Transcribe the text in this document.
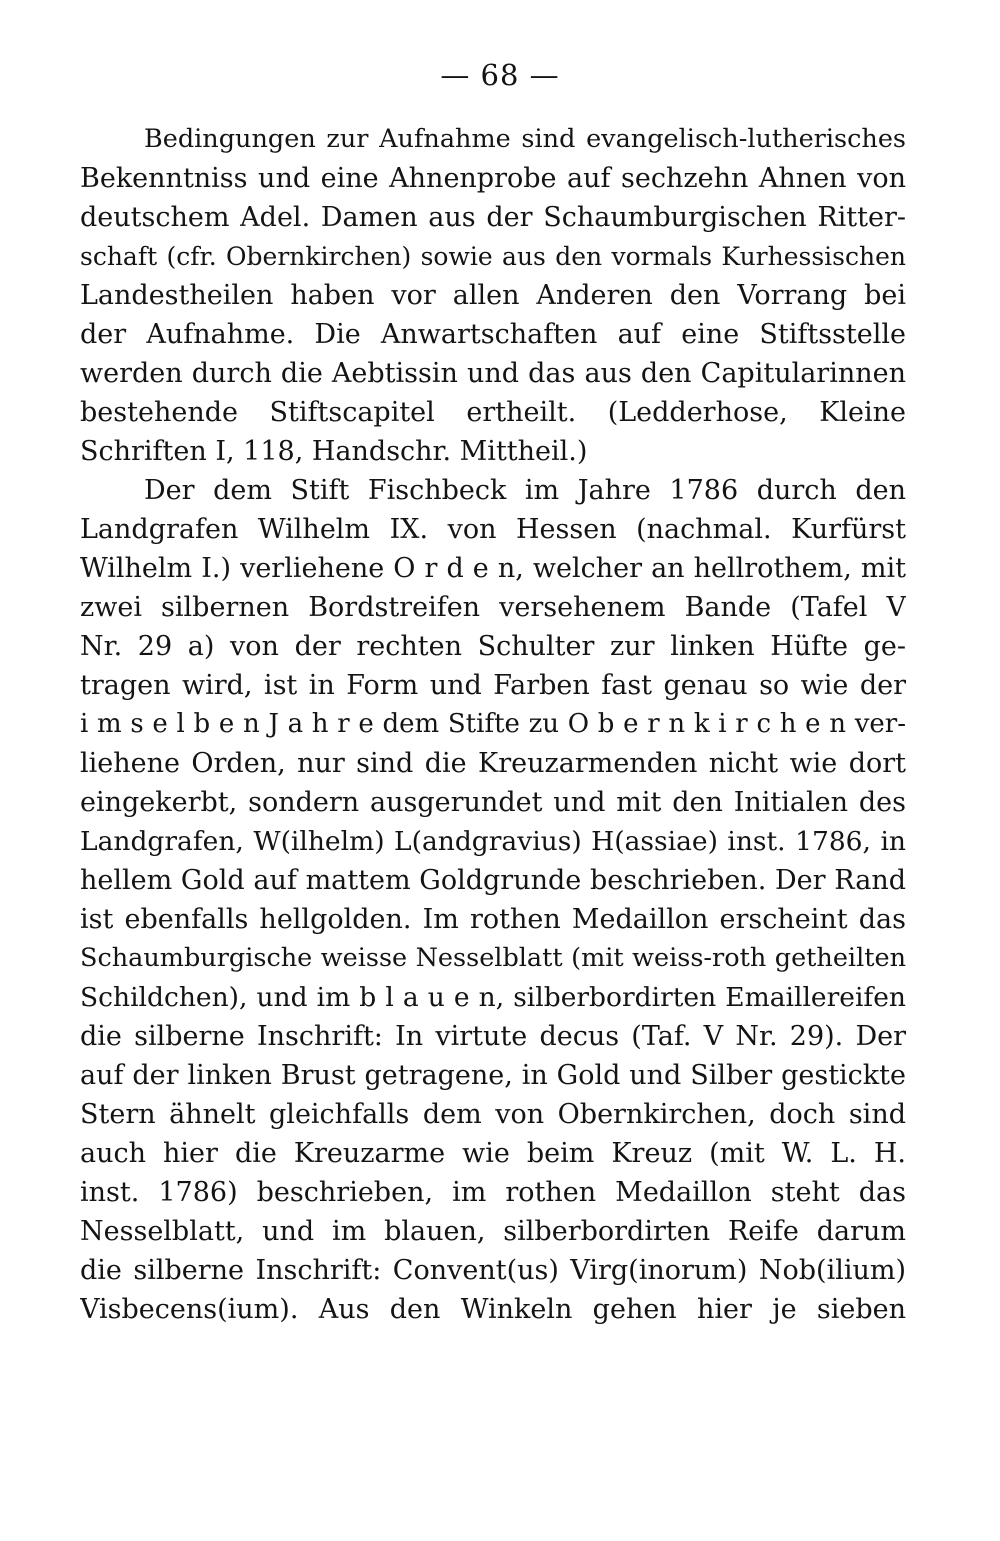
— 68 —
Bedingungen zur Aufnahme sind evangelisch-lutherisches
Bekenntniss und eine Ahnenprobe auf sechzehn Ahnen von
deutschem Adel. Damen aus der Schaumburgischen Ritter-
schaft (cfr. Obernkirchen) sowie aus den vormals Kurhessischen
Landestheilen haben vor allen Anderen den Vorrang bei
der Aufnahme. Die Anwartschaften auf eine Stiftsstelle
werden durch die Aebtissin und das aus den Capitularinnen
bestehende Stiftscapitel ertheilt. (Ledderhose, Kleine
Schriften I, 118, Handschr. Mittheil.)
Der dem Stift Fischbeck im Jahre 1786 durch den
Landgrafen Wilhelm IX. von Hessen (nachmal. Kurfürst
Wilhelm I.) verliehene O r d e n, welcher an hellrothem, mit
zwei silbernen Bordstreifen versehenem Bande (Tafel V
Nr. 29 a) von der rechten Schulter zur linken Hüfte ge-
tragen wird, ist in Form und Farben fast genau so wie der
i m s e l b e n J a h r e dem Stifte zu O b e r n k i r c h e n ver-
liehene Orden, nur sind die Kreuzarmenden nicht wie dort
eingekerbt, sondern ausgerundet und mit den Initialen des
Landgrafen, W(ilhelm) L(andgravius) H(assiae) inst. 1786, in
hellem Gold auf mattem Goldgrunde beschrieben. Der Rand
ist ebenfalls hellgolden. Im rothen Medaillon erscheint das
Schaumburgische weisse Nesselblatt (mit weiss-roth getheilten
Schildchen), und im b l a u e n, silberbordirten Emaillereifen
die silberne Inschrift: In virtute decus (Taf. V Nr. 29). Der
auf der linken Brust getragene, in Gold und Silber gestickte
Stern ähnelt gleichfalls dem von Obernkirchen, doch sind
auch hier die Kreuzarme wie beim Kreuz (mit W. L. H.
inst. 1786) beschrieben, im rothen Medaillon steht das
Nesselblatt, und im blauen, silberbordirten Reife darum
die silberne Inschrift: Convent(us) Virg(inorum) Nob(ilium)
Visbecens(ium). Aus den Winkeln gehen hier je sieben
